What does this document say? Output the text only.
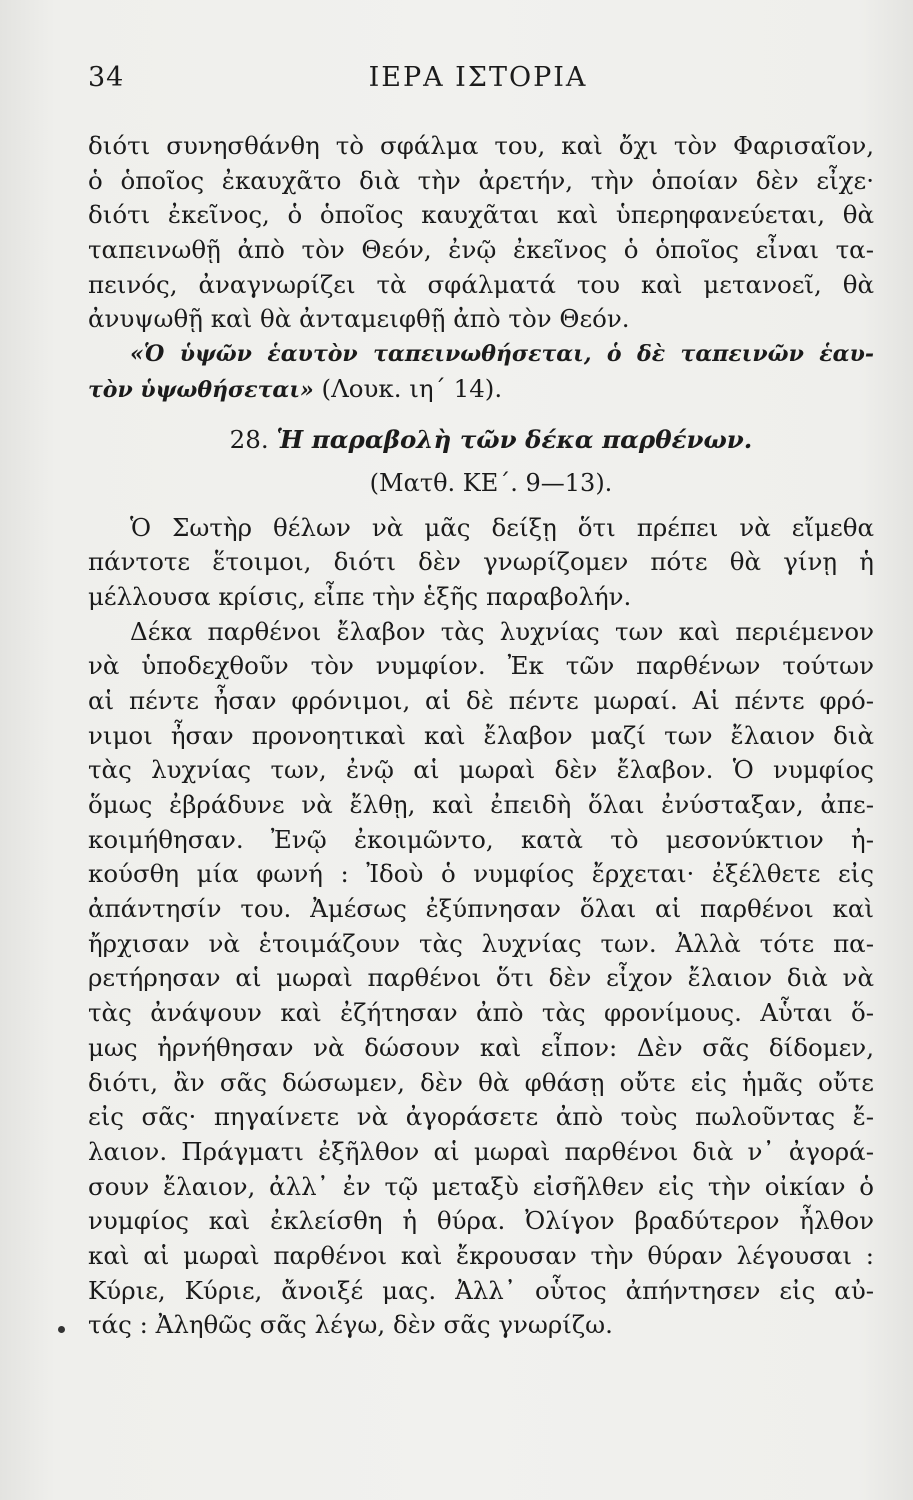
34	ΙΕΡΑ ΙΣΤΟΡΙΑ
διότι συνησθάνθη τὸ σφάλμα του, καὶ ὄχι τὸν Φαρισαῖον,
ὁ ὁποῖος ἐκαυχᾶτο διὰ τὴν ἀρετήν, τὴν ὁποίαν δὲν εἶχε·
διότι ἐκεῖνος, ὁ ὁποῖος καυχᾶται καὶ ὑπερηφανεύεται, θὰ
ταπεινωθῇ ἀπὸ τὸν Θεόν, ἐνῷ ἐκεῖνος ὁ ὁποῖος εἶναι τα-
πεινός, ἀναγνωρίζει τὰ σφάλματά του καὶ μετανοεῖ, θὰ
ἀνυψωθῇ καὶ θὰ ἀνταμειφθῇ ἀπὸ τὸν Θεόν.
«Ὁ ὑψῶν ἑαυτὸν ταπεινωθήσεται, ὁ δὲ ταπεινῶν ἑαυ-
τὸν ὑψωθήσεται» (Λουκ. ιη΄ 14).
28. Ἡ παραβολὴ τῶν δέκα παρθένων.
(Ματθ. ΚΕ΄. 9—13).
Ὁ Σωτὴρ θέλων νὰ μᾶς δείξῃ ὅτι πρέπει νὰ εἴμεθα
πάντοτε ἕτοιμοι, διότι δὲν γνωρίζομεν πότε θὰ γίνῃ ἡ
μέλλουσα κρίσις, εἶπε τὴν ἑξῆς παραβολήν.
Δέκα παρθένοι ἔλαβον τὰς λυχνίας των καὶ περιέμενον
νὰ ὑποδεχθοῦν τὸν νυμφίον. Ἐκ τῶν παρθένων τούτων
αἱ πέντε ἦσαν φρόνιμοι, αἱ δὲ πέντε μωραί. Αἱ πέντε φρό-
νιμοι ἦσαν προνοητικαὶ καὶ ἔλαβον μαζί των ἔλαιον διὰ
τὰς λυχνίας των, ἐνῷ αἱ μωραὶ δὲν ἔλαβον. Ὁ νυμφίος
ὅμως ἐβράδυνε νὰ ἔλθῃ, καὶ ἐπειδὴ ὅλαι ἐνύσταξαν, ἀπε-
κοιμήθησαν. Ἐνῷ ἐκοιμῶντο, κατὰ τὸ μεσονύκτιον ἠ-
κούσθη μία φωνή : Ἰδοὺ ὁ νυμφίος ἔρχεται· ἐξέλθετε εἰς
ἀπάντησίν του. Ἀμέσως ἐξύπνησαν ὅλαι αἱ παρθένοι καὶ
ἤρχισαν νὰ ἑτοιμάζουν τὰς λυχνίας των. Ἀλλὰ τότε πα-
ρετήρησαν αἱ μωραὶ παρθένοι ὅτι δὲν εἶχον ἔλαιον διὰ νὰ
τὰς ἀνάψουν καὶ ἐζήτησαν ἀπὸ τὰς φρονίμους. Αὗται ὅ-
μως ἠρνήθησαν νὰ δώσουν καὶ εἶπον: Δὲν σᾶς δίδομεν,
διότι, ἂν σᾶς δώσωμεν, δὲν θὰ φθάσῃ οὔτε εἰς ἡμᾶς οὔτε
εἰς σᾶς· πηγαίνετε νὰ ἀγοράσετε ἀπὸ τοὺς πωλοῦντας ἔ-
λαιον. Πράγματι ἐξῆλθον αἱ μωραὶ παρθένοι διὰ ν᾿ ἀγορά-
σουν ἔλαιον, ἀλλ᾿ ἐν τῷ μεταξὺ εἰσῆλθεν εἰς τὴν οἰκίαν ὁ
νυμφίος καὶ ἐκλείσθη ἡ θύρα. Ὀλίγον βραδύτερον ἦλθον
καὶ αἱ μωραὶ παρθένοι καὶ ἔκρουσαν τὴν θύραν λέγουσαι :
Κύριε, Κύριε, ἄνοιξέ μας. Ἀλλ᾿ οὗτος ἀπήντησεν εἰς αὐ-
τάς : Ἀληθῶς σᾶς λέγω, δὲν σᾶς γνωρίζω.
